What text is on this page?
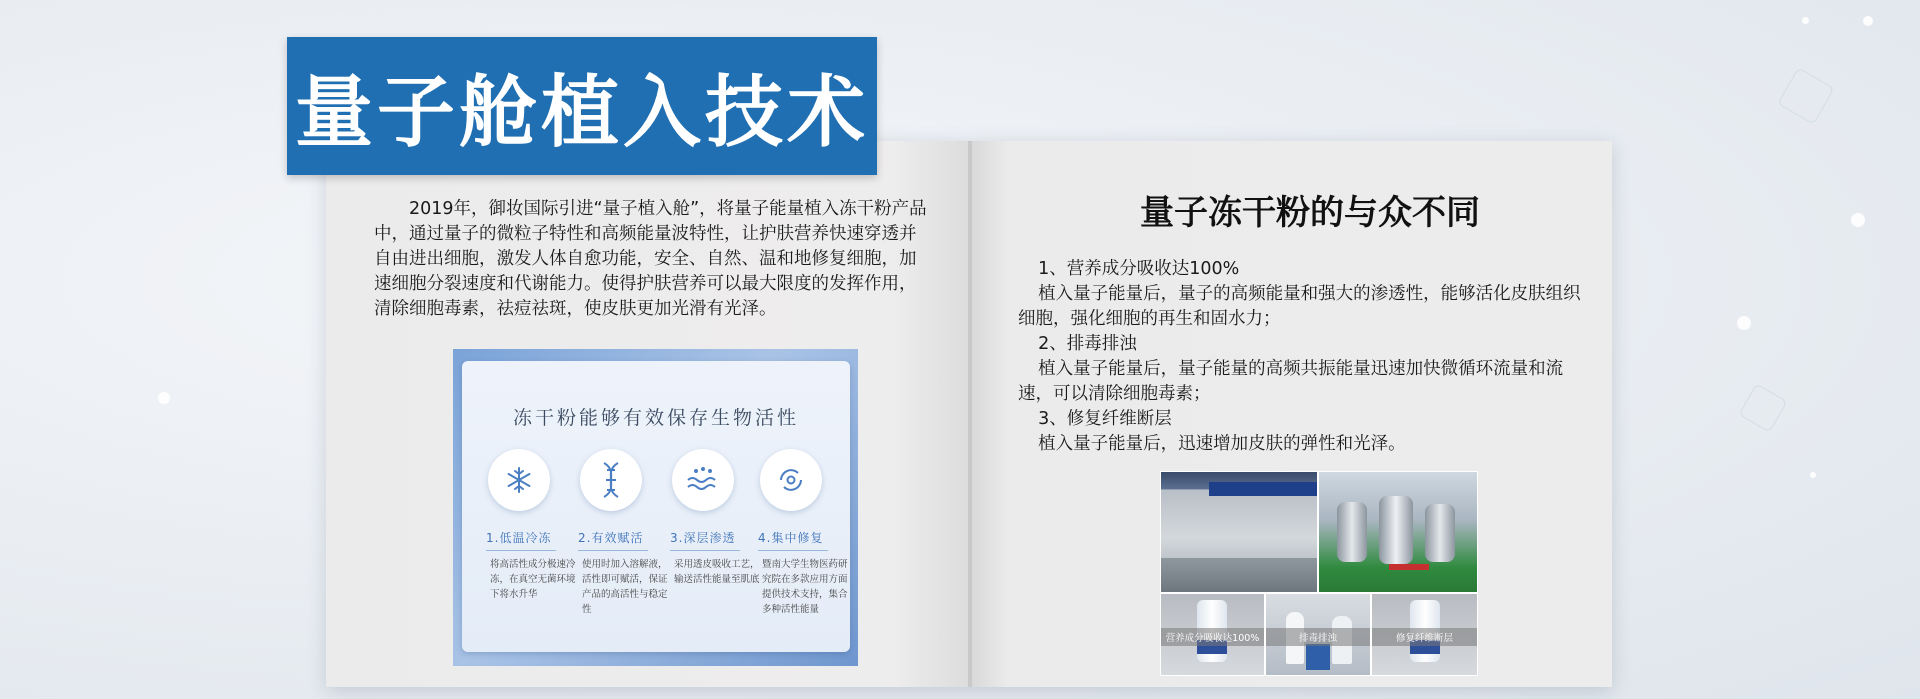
量子舱植入技术
2019年，御妆国际引进“量子植入舱”，将量子能量植入冻干粉产品中，通过量子的微粒子特性和高频能量波特性，让护肤营养快速穿透并自由进出细胞，激发人体自愈功能，安全、自然、温和地修复细胞，加速细胞分裂速度和代谢能力。使得护肤营养可以最大限度的发挥作用，清除细胞毒素，祛痘祛斑，使皮肤更加光滑有光泽。
冻干粉能够有效保存生物活性
1.低温冷冻
将高活性成分极速冷冻，在真空无菌环境下将水升华
2.有效赋活
使用时加入溶解液，活性即可赋活，保证产品的高活性与稳定性
3.深层渗透
采用透皮吸收工艺，输送活性能量至肌底
4.集中修复
暨南大学生物医药研究院在多款应用方面提供技术支持，集合多种活性能量
量子冻干粉的与众不同

1、营养成分吸收达100%

植入量子能量后，量子的高频能量和强大的渗透性，能够活化皮肤组织细胞，强化细胞的再生和固水力；

2、排毒排浊

植入量子能量后，量子能量的高频共振能量迅速加快微循环流量和流速，可以清除细胞毒素；

3、修复纤维断层

植入量子能量后，迅速增加皮肤的弹性和光泽。

营养成分吸收达100%	排毒排浊	修复纤维断层
